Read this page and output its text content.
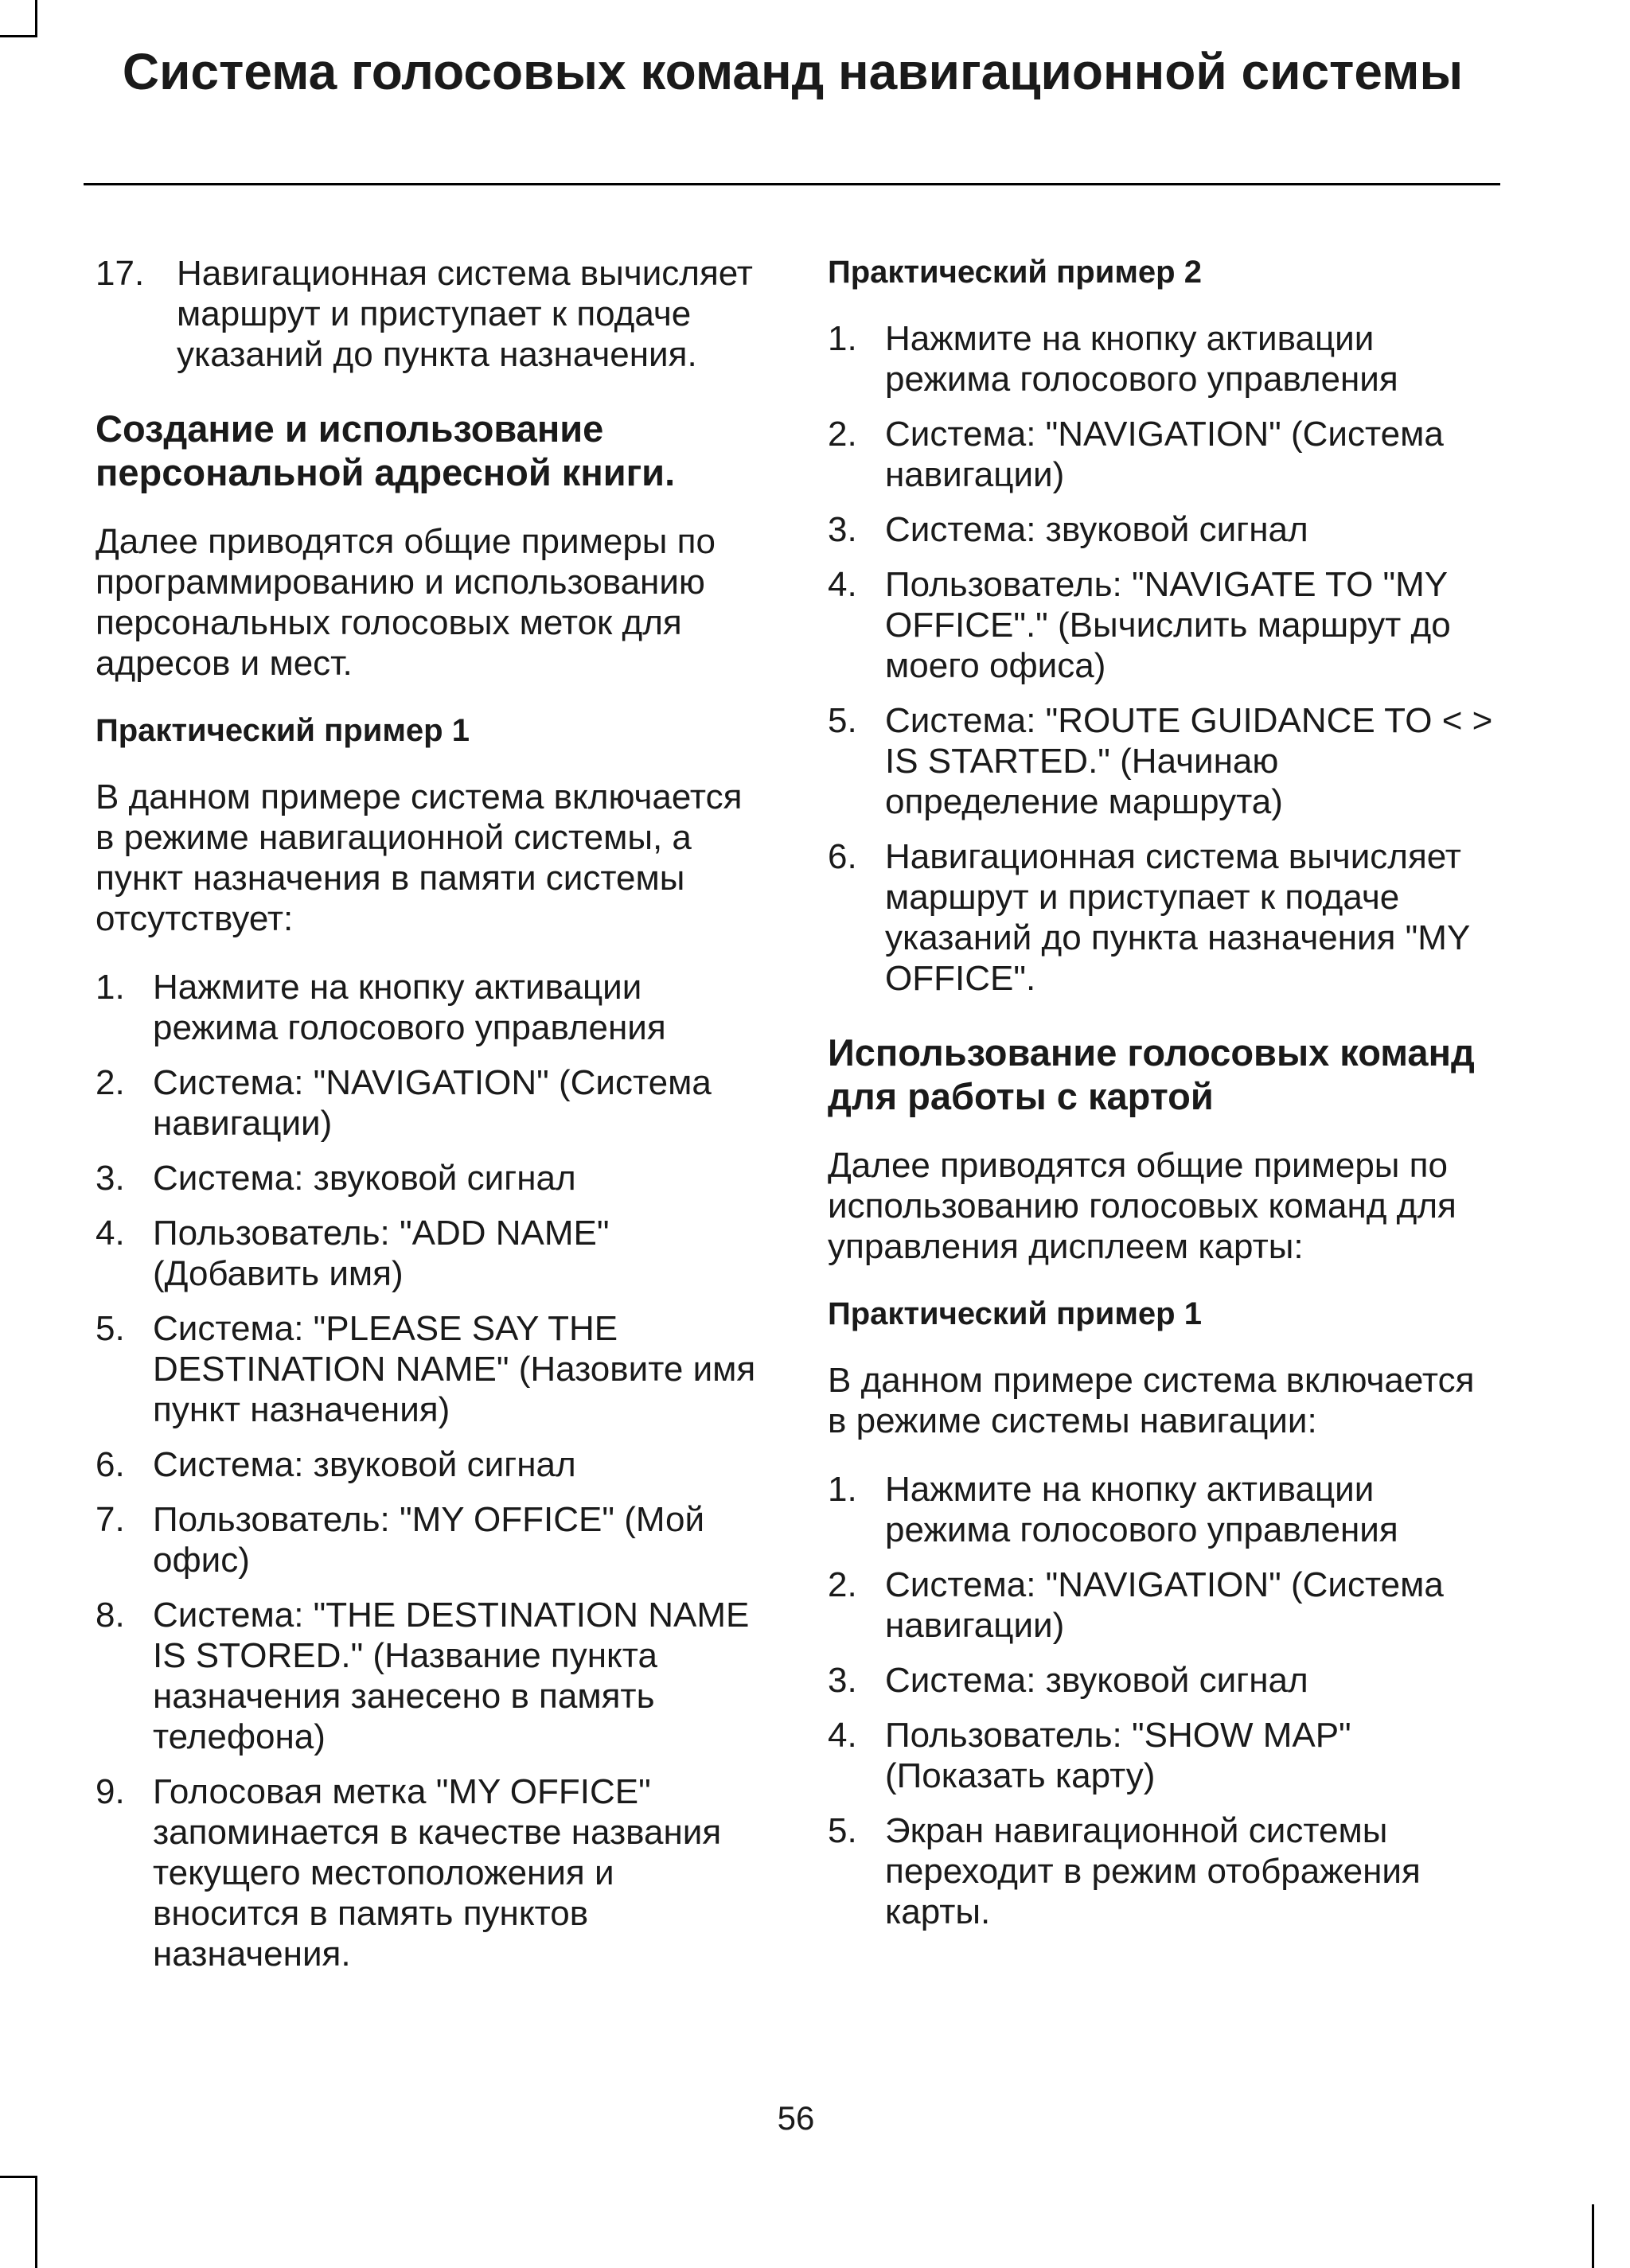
Система голосовых команд навигационной системы
17. Навигационная система вычисляет маршрут и приступает к подаче указаний до пункта назначения.
Создание и использование персональной адресной книги.

Далее приводятся общие примеры по программированию и использованию персональных голосовых меток для адресов и мест.

Практический пример 1

В данном примере система включается в режиме навигационной системы, а пункт назначения в памяти системы отсутствует:

1. Нажмите на кнопку активации режима голосового управления
2. Система: "NAVIGATION" (Система навигации)
3. Система: звуковой сигнал
4. Пользователь: "ADD NAME" (Добавить имя)
5. Система: "PLEASE SAY THE DESTINATION NAME" (Назовите имя пункт назначения)
6. Система: звуковой сигнал
7. Пользователь: "MY OFFICE" (Мой офис)
8. Система: "THE DESTINATION NAME IS STORED." (Название пункта назначения занесено в память телефона)
9. Голосовая метка "MY OFFICE" запоминается в качестве названия текущего местоположения и вносится в память пунктов назначения.
Практический пример 2
1. Нажмите на кнопку активации режима голосового управления
2. Система: "NAVIGATION" (Система навигации)
3. Система: звуковой сигнал
4. Пользователь: "NAVIGATE TO "MY OFFICE"." (Вычислить маршрут до моего офиса)
5. Система: "ROUTE GUIDANCE TO < > IS STARTED." (Начинаю определение маршрута)
6. Навигационная система вычисляет маршрут и приступает к подаче указаний до пункта назначения "MY OFFICE".
Использование голосовых команд для работы с картой

Далее приводятся общие примеры по использованию голосовых команд для управления дисплеем карты:

Практический пример 1

В данном примере система включается в режиме системы навигации:

1. Нажмите на кнопку активации режима голосового управления
2. Система: "NAVIGATION" (Система навигации)
3. Система: звуковой сигнал
4. Пользователь: "SHOW MAP" (Показать карту)
5. Экран навигационной системы переходит в режим отображения карты.
56
